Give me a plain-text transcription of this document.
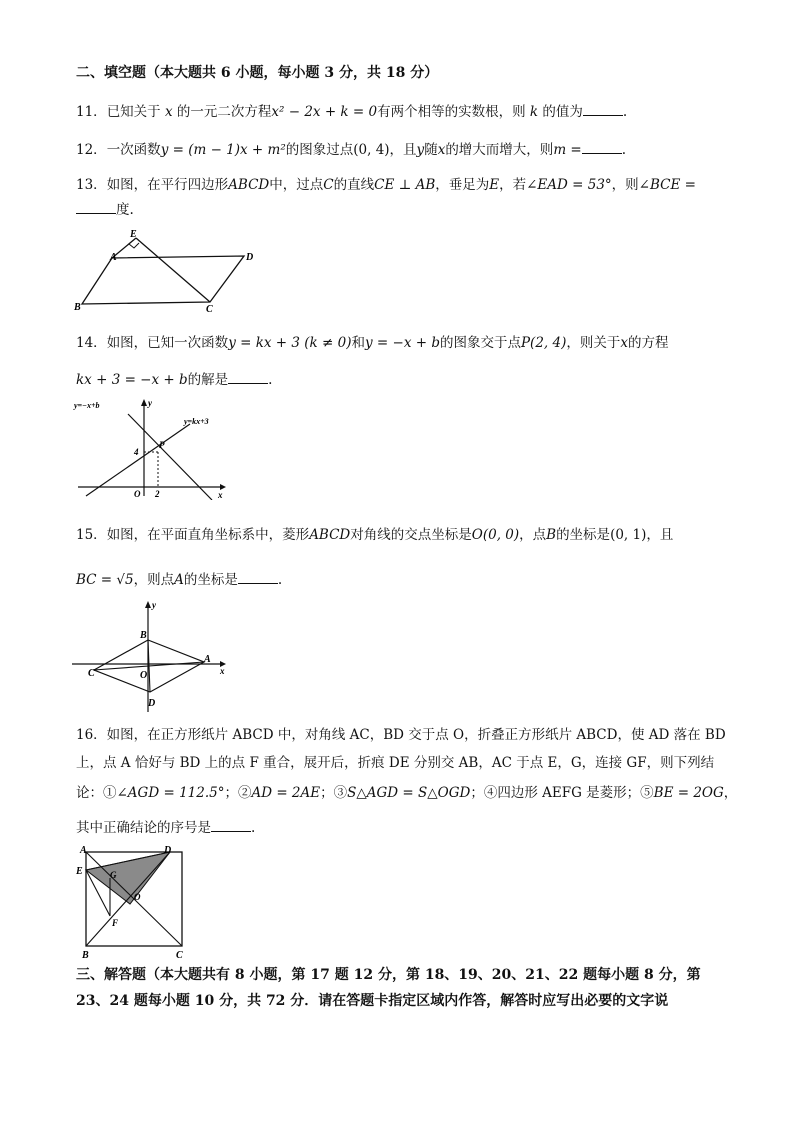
二、填空题（本大题共 6 小题，每小题 3 分，共 18 分）
11．已知关于 x 的一元二次方程x² − 2x + k = 0有两个相等的实数根，则 k 的值为	.
12．一次函数y = (m − 1)x + m²的图象过点(0, 4)，且y随x的增大而增大，则m =	.
13．如图，在平行四边形ABCD中，过点C的直线CE ⊥ AB，垂足为E，若∠EAD = 53°，则∠BCE =
度.
E
A	D
B	C
14．如图，已知一次函数y = kx + 3 (k ≠ 0)和y = −x + b的图象交于点P(2, 4)，则关于x的方程
kx + 3 = −x + b的解是	.
y=−x+b
y=kx+3
y
x
P
4
O 2
15．如图，在平面直角坐标系中，菱形ABCD对角线的交点坐标是O(0, 0)，点B的坐标是(0, 1)，且
BC = √5，则点A的坐标是	.
y
B
C	O
A
x
D
16．如图，在正方形纸片 ABCD 中，对角线 AC，BD 交于点 O，折叠正方形纸片 ABCD，使 AD 落在 BD
上，点 A 恰好与 BD 上的点 F 重合，展开后，折痕 DE 分别交 AB，AC 于点 E，G，连接 GF，则下列结
论：①∠AGD = 112.5°；②AD = 2AE；③S△AGD = S△OGD；④四边形 AEFG 是菱形；⑤BE = 2OG，
其中正确结论的序号是	.
A	D
G
E
O
F
B	C
三、解答题（本大题共有 8 小题，第 17 题 12 分，第 18、19、20、21、22 题每小题 8 分，第
23、24 题每小题 10 分，共 72 分．请在答题卡指定区域内作答，解答时应写出必要的文字说
